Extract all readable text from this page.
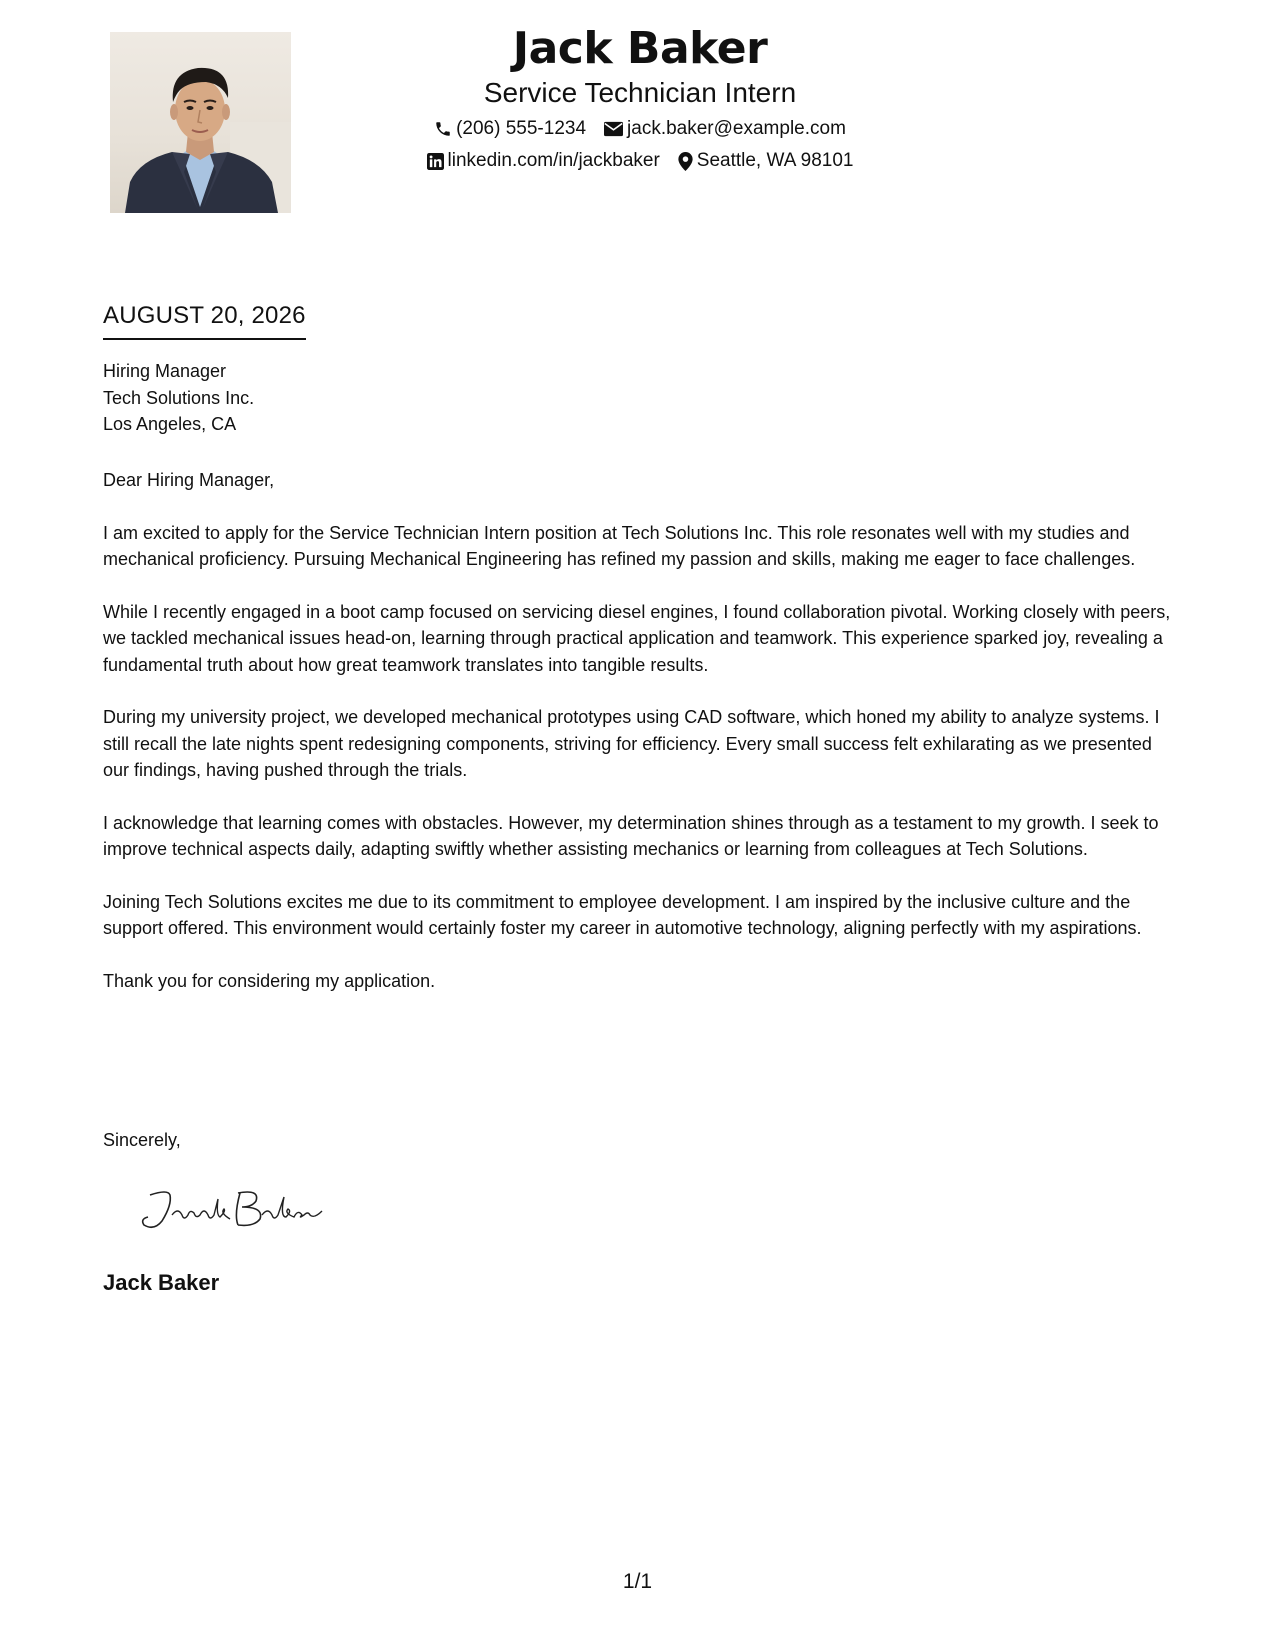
Jack Baker
Service Technician Intern
(206) 555-1234 jack.baker@example.com
linkedin.com/in/jackbaker Seattle, WA 98101
AUGUST 20, 2026
Hiring Manager
Tech Solutions Inc.
Los Angeles, CA

Dear Hiring Manager,

I am excited to apply for the Service Technician Intern position at Tech Solutions Inc. This role resonates well with my studies and mechanical proficiency. Pursuing Mechanical Engineering has refined my passion and skills, making me eager to face challenges.

While I recently engaged in a boot camp focused on servicing diesel engines, I found collaboration pivotal. Working closely with peers, we tackled mechanical issues head-on, learning through practical application and teamwork. This experience sparked joy, revealing a fundamental truth about how great teamwork translates into tangible results.

During my university project, we developed mechanical prototypes using CAD software, which honed my ability to analyze systems. I still recall the late nights spent redesigning components, striving for efficiency. Every small success felt exhilarating as we presented our findings, having pushed through the trials.

I acknowledge that learning comes with obstacles. However, my determination shines through as a testament to my growth. I seek to improve technical aspects daily, adapting swiftly whether assisting mechanics or learning from colleagues at Tech Solutions.

Joining Tech Solutions excites me due to its commitment to employee development. I am inspired by the inclusive culture and the support offered. This environment would certainly foster my career in automotive technology, aligning perfectly with my aspirations.

Thank you for considering my application.

Sincerely,
Jack Baker
1/1
